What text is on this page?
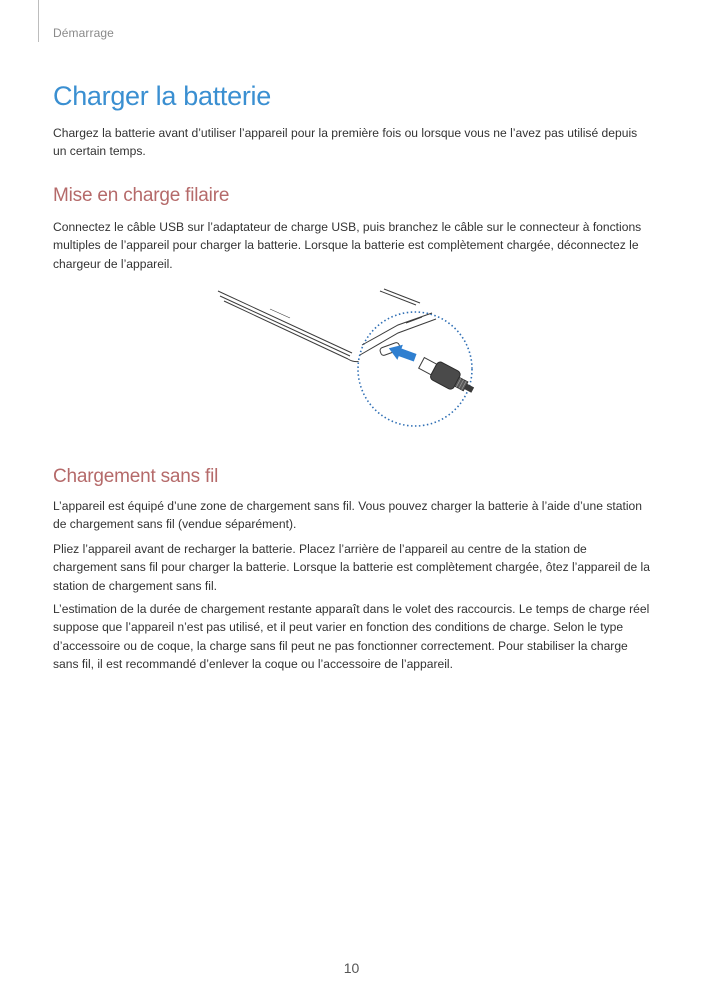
Démarrage
Charger la batterie

Chargez la batterie avant d’utiliser l’appareil pour la première fois ou lorsque vous ne l’avez pas utilisé depuis un certain temps.

Mise en charge filaire

Connectez le câble USB sur l’adaptateur de charge USB, puis branchez le câble sur le connecteur à fonctions multiples de l’appareil pour charger la batterie. Lorsque la batterie est complètement chargée, déconnectez le chargeur de l’appareil.

Chargement sans fil

L’appareil est équipé d’une zone de chargement sans fil. Vous pouvez charger la batterie à l’aide d’une station de chargement sans fil (vendue séparément).

Pliez l’appareil avant de recharger la batterie. Placez l’arrière de l’appareil au centre de la station de chargement sans fil pour charger la batterie. Lorsque la batterie est complètement chargée, ôtez l’appareil de la station de chargement sans fil.

L’estimation de la durée de chargement restante apparaît dans le volet des raccourcis. Le temps de charge réel suppose que l’appareil n’est pas utilisé, et il peut varier en fonction des conditions de charge. Selon le type d’accessoire ou de coque, la charge sans fil peut ne pas fonctionner correctement. Pour stabiliser la charge sans fil, il est recommandé d’enlever la coque ou l’accessoire de l’appareil.

10
